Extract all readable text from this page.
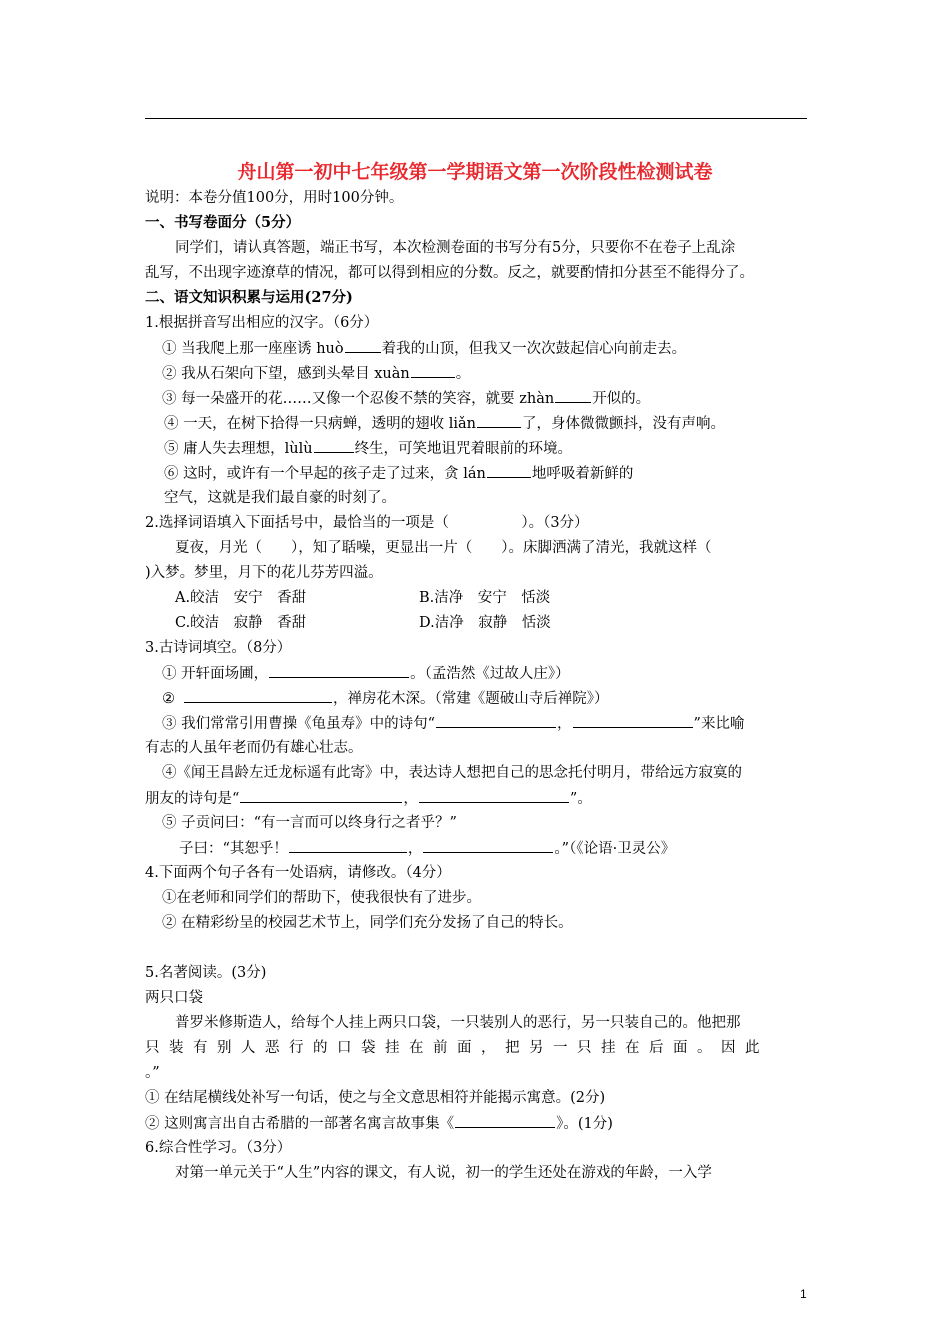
舟山第一初中七年级第一学期语文第一次阶段性检测试卷
说明：本卷分值100分，用时100分钟。
一、书写卷面分（5分）
同学们，请认真答题，端正书写，本次检测卷面的书写分有5分，只要你不在卷子上乱涂
乱写，不出现字迹潦草的情况，都可以得到相应的分数。反之，就要酌情扣分甚至不能得分了。
二、语文知识积累与运用(27分)
1.根据拼音写出相应的汉字。（6分）
① 当我爬上那一座座诱 huò	着我的山顶，但我又一次次鼓起信心向前走去。
② 我从石架向下望，感到头晕目 xuàn	。
③ 每一朵盛开的花……又像一个忍俊不禁的笑容，就要 zhàn	开似的。
④ 一天，在树下拾得一只病蝉，透明的翅收 liǎn	了，身体微微颤抖，没有声响。
⑤ 庸人失去理想，lùlù	终生，可笑地诅咒着眼前的环境。
⑥ 这时，或许有一个早起的孩子走了过来，贪 lán	地呼吸着新鲜的
空气，这就是我们最自豪的时刻了。
2.选择词语填入下面括号中，最恰当的一项是（　　　　　）。（3分）
夏夜，月光（　　），知了聒噪，更显出一片（　　）。床脚洒满了清光，我就这样（
)入梦。梦里，月下的花儿芬芳四溢。
A.皎洁　安宁　香甜	B.洁净　安宁　恬淡
C.皎洁　寂静　香甜	D.洁净　寂静　恬淡
3.古诗词填空。（8分）
① 开轩面场圃，	。（孟浩然《过故人庄》）
②	，禅房花木深。（常建《题破山寺后禅院》）
③ 我们常常引用曹操《龟虽寿》中的诗句“	，	”来比喻
有志的人虽年老而仍有雄心壮志。
④《闻王昌龄左迁龙标遥有此寄》中，表达诗人想把自己的思念托付明月，带给远方寂寞的
朋友的诗句是“	，	”。
⑤ 子贡问曰：“有一言而可以终身行之者乎？”
子曰：“其恕乎！	，	。”（《论语·卫灵公》
4.下面两个句子各有一处语病，请修改。（4分）
①在老师和同学们的帮助下，使我很快有了进步。
② 在精彩纷呈的校园艺术节上，同学们充分发扬了自己的特长。
5.名著阅读。(3分)
两只口袋
普罗米修斯造人，给每个人挂上两只口袋，一只装别人的恶行，另一只装自己的。他把那
只装有别人恶行的口袋挂在前面，把另一只挂在后面。因此
。”
① 在结尾横线处补写一句话，使之与全文意思相符并能揭示寓意。(2分)
② 这则寓言出自古希腊的一部著名寓言故事集《	》。(1分)
6.综合性学习。（3分）
对第一单元关于“人生”内容的课文，有人说，初一的学生还处在游戏的年龄，一入学
1
